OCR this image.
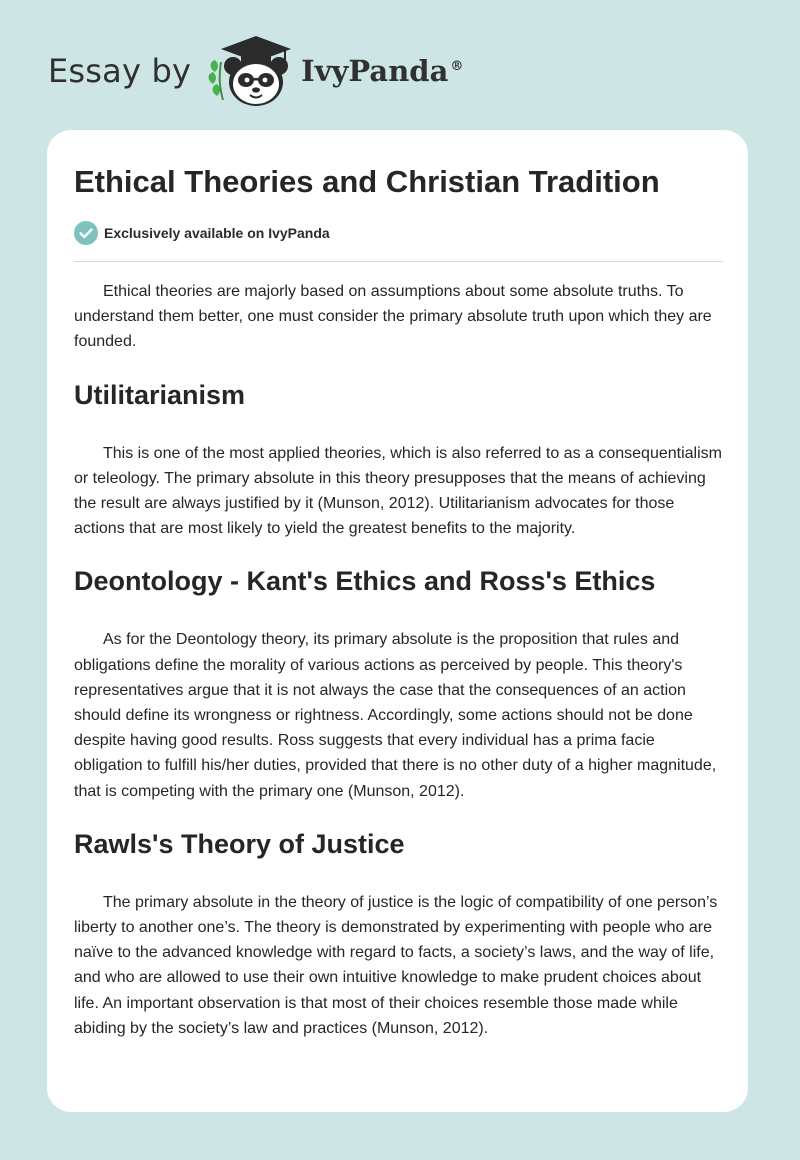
Essay by	IvyPanda ®
Ethical Theories and Christian Tradition
Exclusively available on IvyPanda

Ethical theories are majorly based on assumptions about some absolute truths. To understand them better, one must consider the primary absolute truth upon which they are founded.

Utilitarianism

This is one of the most applied theories, which is also referred to as a consequentialism or teleology. The primary absolute in this theory presupposes that the means of achieving the result are always justified by it (Munson, 2012). Utilitarianism advocates for those actions that are most likely to yield the greatest benefits to the majority.

Deontology - Kant's Ethics and Ross's Ethics

As for the Deontology theory, its primary absolute is the proposition that rules and obligations define the morality of various actions as perceived by people. This theory's representatives argue that it is not always the case that the consequences of an action should define its wrongness or rightness. Accordingly, some actions should not be done despite having good results. Ross suggests that every individual has a prima facie obligation to fulfill his/her duties, provided that there is no other duty of a higher magnitude, that is competing with the primary one (Munson, 2012).

Rawls's Theory of Justice

The primary absolute in the theory of justice is the logic of compatibility of one person’s liberty to another one’s. The theory is demonstrated by experimenting with people who are naïve to the advanced knowledge with regard to facts, a society’s laws, and the way of life, and who are allowed to use their own intuitive knowledge to make prudent choices about life. An important observation is that most of their choices resemble those made while abiding by the society’s law and practices (Munson, 2012).
